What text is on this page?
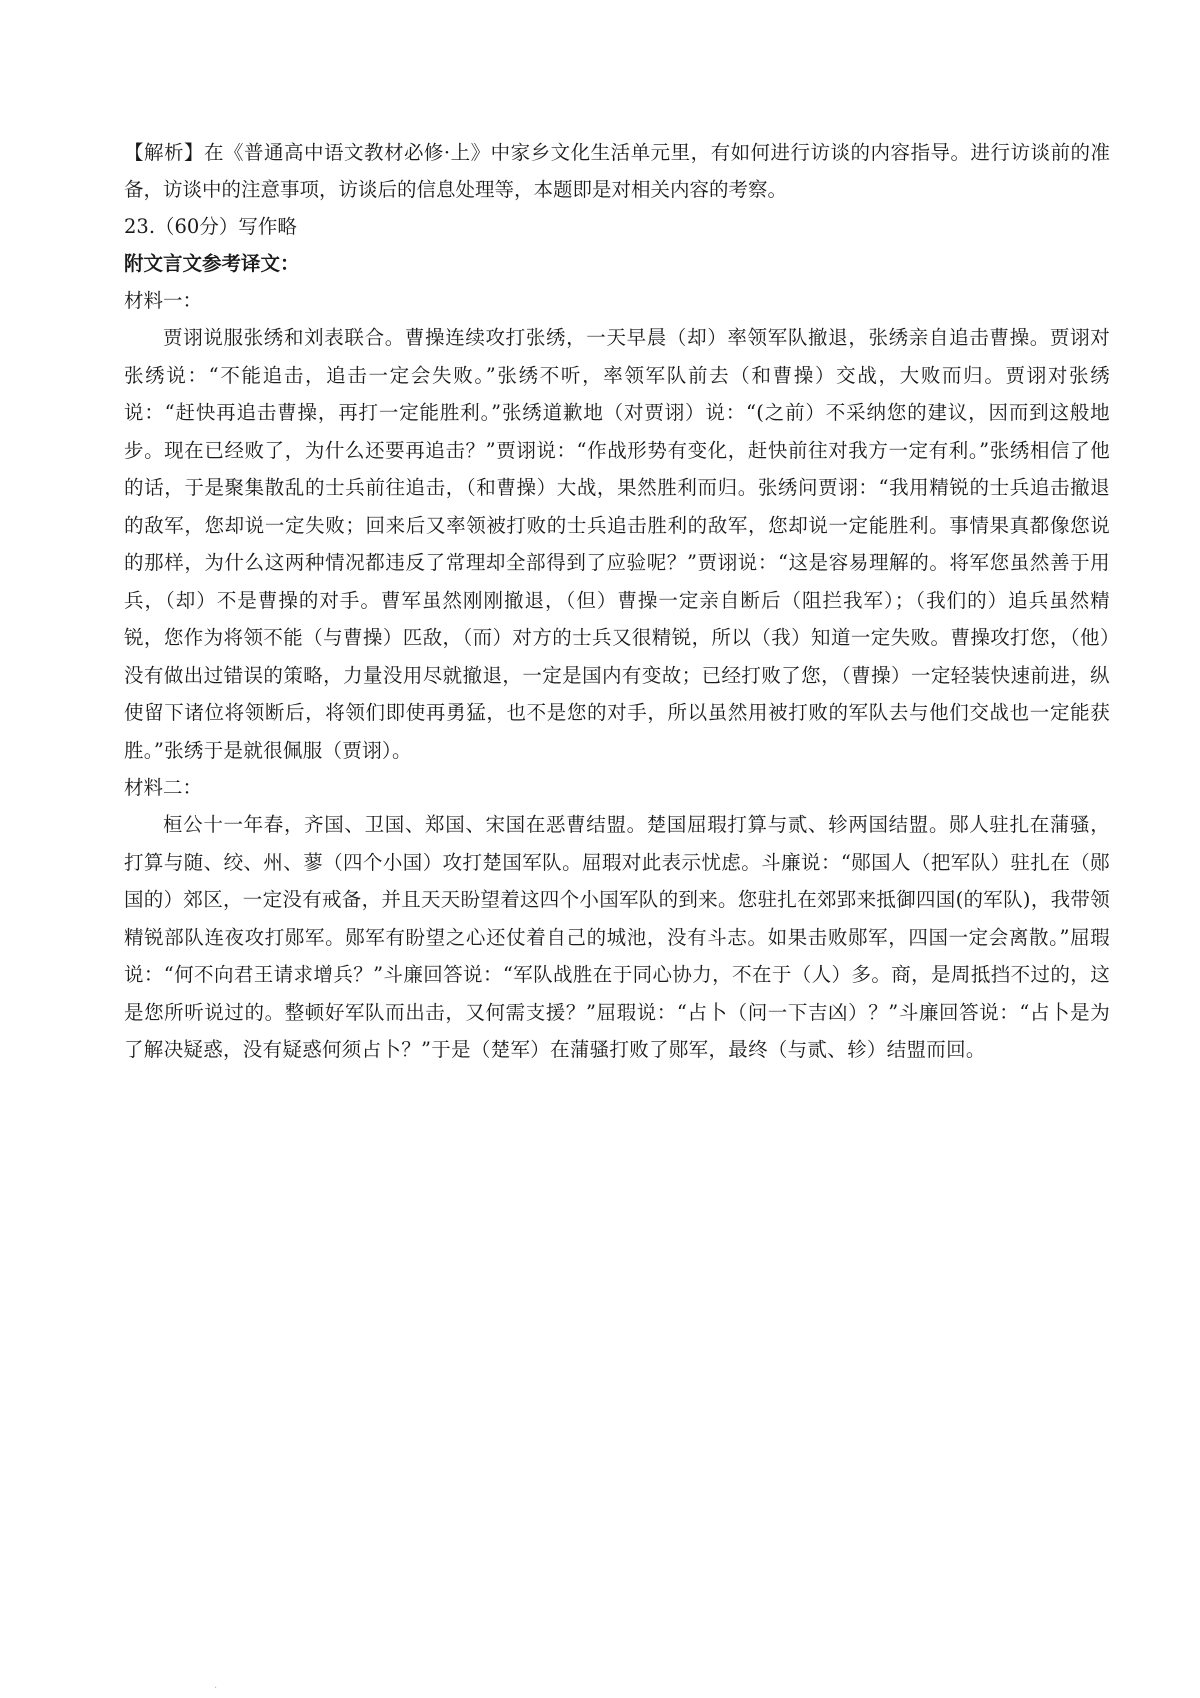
【解析】在《普通高中语文教材必修·上》中家乡文化生活单元里，有如何进行访谈的内容指导。进行访谈前的准备，访谈中的注意事项，访谈后的信息处理等，本题即是对相关内容的考察。

23.（60分）写作略

附文言文参考译文：

材料一：

贾诩说服张绣和刘表联合。曹操连续攻打张绣，一天早晨（却）率领军队撤退，张绣亲自追击曹操。贾诩对张绣说：“不能追击，追击一定会失败。”张绣不听，率领军队前去（和曹操）交战，大败而归。贾诩对张绣说：“赶快再追击曹操，再打一定能胜利。”张绣道歉地（对贾诩）说：“(之前）不采纳您的建议，因而到这般地步。现在已经败了，为什么还要再追击？”贾诩说：“作战形势有变化，赶快前往对我方一定有利。”张绣相信了他的话，于是聚集散乱的士兵前往追击，（和曹操）大战，果然胜利而归。张绣问贾诩：“我用精锐的士兵追击撤退的敌军，您却说一定失败；回来后又率领被打败的士兵追击胜利的敌军，您却说一定能胜利。事情果真都像您说的那样，为什么这两种情况都违反了常理却全部得到了应验呢？”贾诩说：“这是容易理解的。将军您虽然善于用兵，（却）不是曹操的对手。曹军虽然刚刚撤退，（但）曹操一定亲自断后（阻拦我军）；（我们的）追兵虽然精锐，您作为将领不能（与曹操）匹敌，（而）对方的士兵又很精锐，所以（我）知道一定失败。曹操攻打您，（他）没有做出过错误的策略，力量没用尽就撤退，一定是国内有变故；已经打败了您，（曹操）一定轻装快速前进，纵使留下诸位将领断后，将领们即使再勇猛，也不是您的对手，所以虽然用被打败的军队去与他们交战也一定能获胜。”张绣于是就很佩服（贾诩）。

材料二：

桓公十一年春，齐国、卫国、郑国、宋国在恶曹结盟。楚国屈瑕打算与贰、轸两国结盟。郧人驻扎在蒲骚，打算与随、绞、州、蓼（四个小国）攻打楚国军队。屈瑕对此表示忧虑。斗廉说：“郧国人（把军队）驻扎在（郧国的）郊区，一定没有戒备，并且天天盼望着这四个小国军队的到来。您驻扎在郊郢来抵御四国(的军队)，我带领精锐部队连夜攻打郧军。郧军有盼望之心还仗着自己的城池，没有斗志。如果击败郧军，四国一定会离散。”屈瑕说：“何不向君王请求增兵？”斗廉回答说：“军队战胜在于同心协力，不在于（人）多。商，是周抵挡不过的，这是您所听说过的。整顿好军队而出击，又何需支援？”屈瑕说：“占卜（问一下吉凶）？”斗廉回答说：“占卜是为了解决疑惑，没有疑惑何须占卜？”于是（楚军）在蒲骚打败了郧军，最终（与贰、轸）结盟而回。

·
